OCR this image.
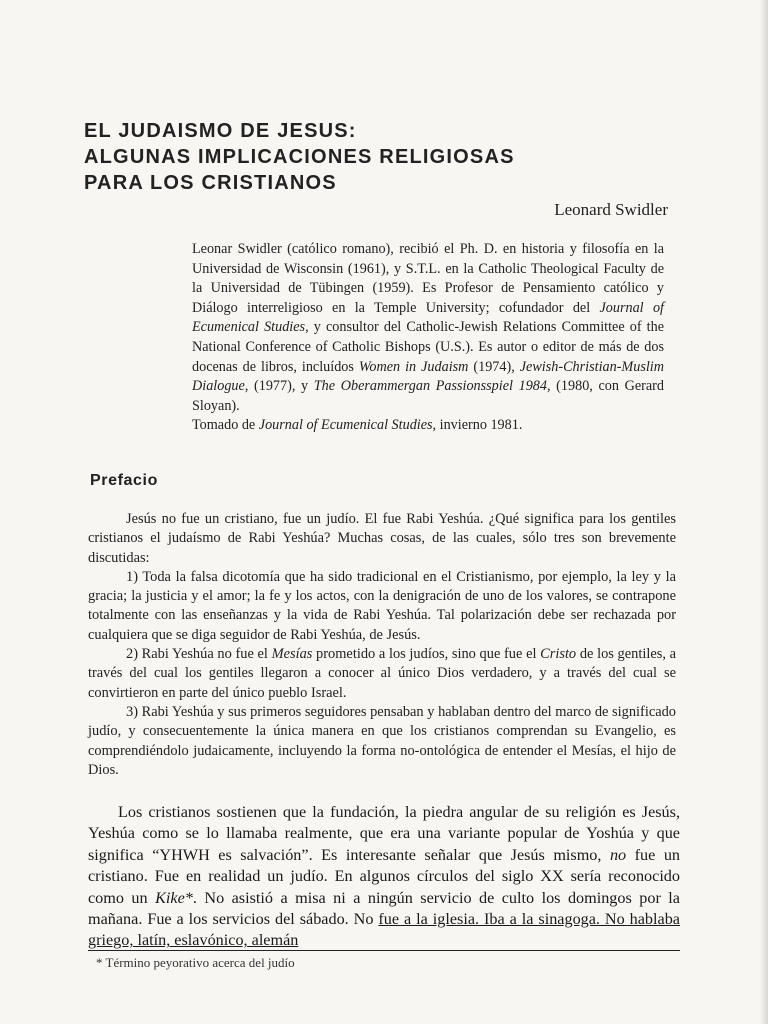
EL JUDAISMO DE JESUS:
ALGUNAS IMPLICACIONES RELIGIOSAS
PARA LOS CRISTIANOS
Leonard Swidler
Leonar Swidler (católico romano), recibió el Ph. D. en historia y filosofía en la Universidad de Wisconsin (1961), y S.T.L. en la Catholic Theological Faculty de la Universidad de Tübingen (1959). Es Profesor de Pensamiento católico y Diálogo interreligioso en la Temple University; cofundador del Journal of Ecumenical Studies, y consultor del Catholic-Jewish Relations Committee of the National Conference of Catholic Bishops (U.S.). Es autor o editor de más de dos docenas de libros, incluídos Women in Judaism (1974), Jewish-Christian-Muslim Dialogue, (1977), y The Oberammergan Passionsspiel 1984, (1980, con Gerard Sloyan).
Tomado de Journal of Ecumenical Studies, invierno 1981.
Prefacio

Jesús no fue un cristiano, fue un judío. El fue Rabi Yeshúa. ¿Qué significa para los gentiles cristianos el judaísmo de Rabi Yeshúa? Muchas cosas, de las cuales, sólo tres son brevemente discutidas:

1) Toda la falsa dicotomía que ha sido tradicional en el Cristianismo, por ejemplo, la ley y la gracia; la justicia y el amor; la fe y los actos, con la denigración de uno de los valores, se contrapone totalmente con las enseñanzas y la vida de Rabi Yeshúa. Tal polarización debe ser rechazada por cualquiera que se diga seguidor de Rabi Yeshúa, de Jesús.

2) Rabi Yeshúa no fue el Mesías prometido a los judíos, sino que fue el Cristo de los gentiles, a través del cual los gentiles llegaron a conocer al único Dios verdadero, y a través del cual se convirtieron en parte del único pueblo Israel.

3) Rabi Yeshúa y sus primeros seguidores pensaban y hablaban dentro del marco de significado judío, y consecuentemente la única manera en que los cristianos comprendan su Evangelio, es comprendiéndolo judaicamente, incluyendo la forma no-ontológica de entender el Mesías, el hijo de Dios.

Los cristianos sostienen que la fundación, la piedra angular de su religión es Jesús, Yeshúa como se lo llamaba realmente, que era una variante popular de Yoshúa y que significa “YHWH es salvación”. Es interesante señalar que Jesús mismo, no fue un cristiano. Fue en realidad un judío. En algunos círculos del siglo XX sería reconocido como un Kike*. No asistió a misa ni a ningún servicio de culto los domingos por la mañana. Fue a los servicios del sábado. No fue a la iglesia. Iba a la sinagoga. No hablaba griego, latín, eslavónico, alemán

* Término peyorativo acerca del judío
